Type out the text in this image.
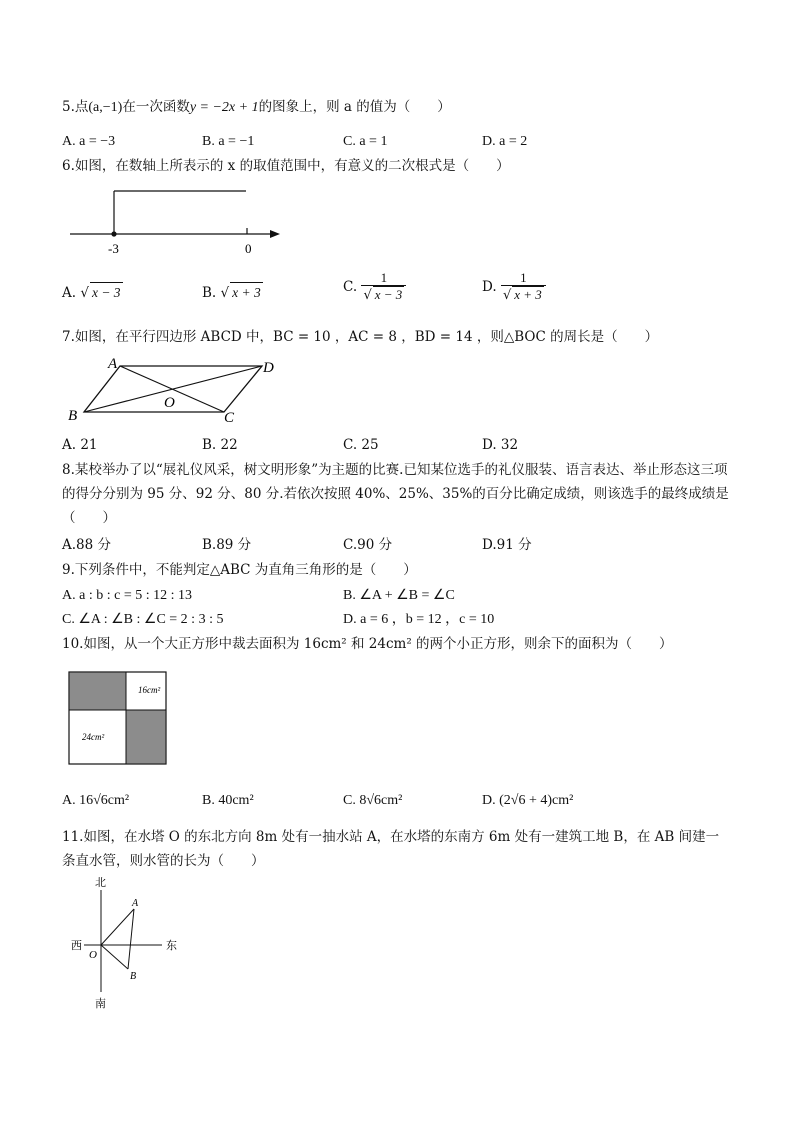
5.点(a,−1)在一次函数y = −2x + 1的图象上，则 a 的值为（　　）
A. a = −3	B. a = −1	C. a = 1	D. a = 2
6.如图，在数轴上所表示的 x 的取值范围中，有意义的二次根式是（　　）
-3	0
A. √ x − 3	B. √ x + 3	C. $\frac{1}{√ x - 3}$	D. $\frac{1}{√ x + 3}$
7.如图，在平行四边形 ABCD 中，BC = 10 ，AC = 8 ，BD = 14 ，则△BOC 的周长是（　　）
A	D
B	C
O
A. 21	B. 22	C. 25	D. 32
8.某校举办了以“展礼仪风采，树文明形象”为主题的比赛.已知某位选手的礼仪服装、语言表达、举止形态这三项的得分分别为 95 分、92 分、80 分.若依次按照 40%、25%、35%的百分比确定成绩，则该选手的最终成绩是（　　）
A.88 分	B.89 分	C.90 分	D.91 分
9.下列条件中，不能判定△ABC 为直角三角形的是（　　）
A. a : b : c = 5 : 12 : 13	B. ∠A + ∠B = ∠C
C. ∠A : ∠B : ∠C = 2 : 3 : 5	D. a = 6 ，b = 12 ，c = 10
10.如图，从一个大正方形中裁去面积为 16cm² 和 24cm² 的两个小正方形，则余下的面积为（　　）
16cm²
24cm²
A. 16√6cm²	B. 40cm²	C. 8√6cm²	D. (2√6 + 4)cm²
11.如图，在水塔 O 的东北方向 8m 处有一抽水站 A，在水塔的东南方 6m 处有一建筑工地 B，在 AB 间建一条直水管，则水管的长为（　　）
北
南
东
西
O
A
B
